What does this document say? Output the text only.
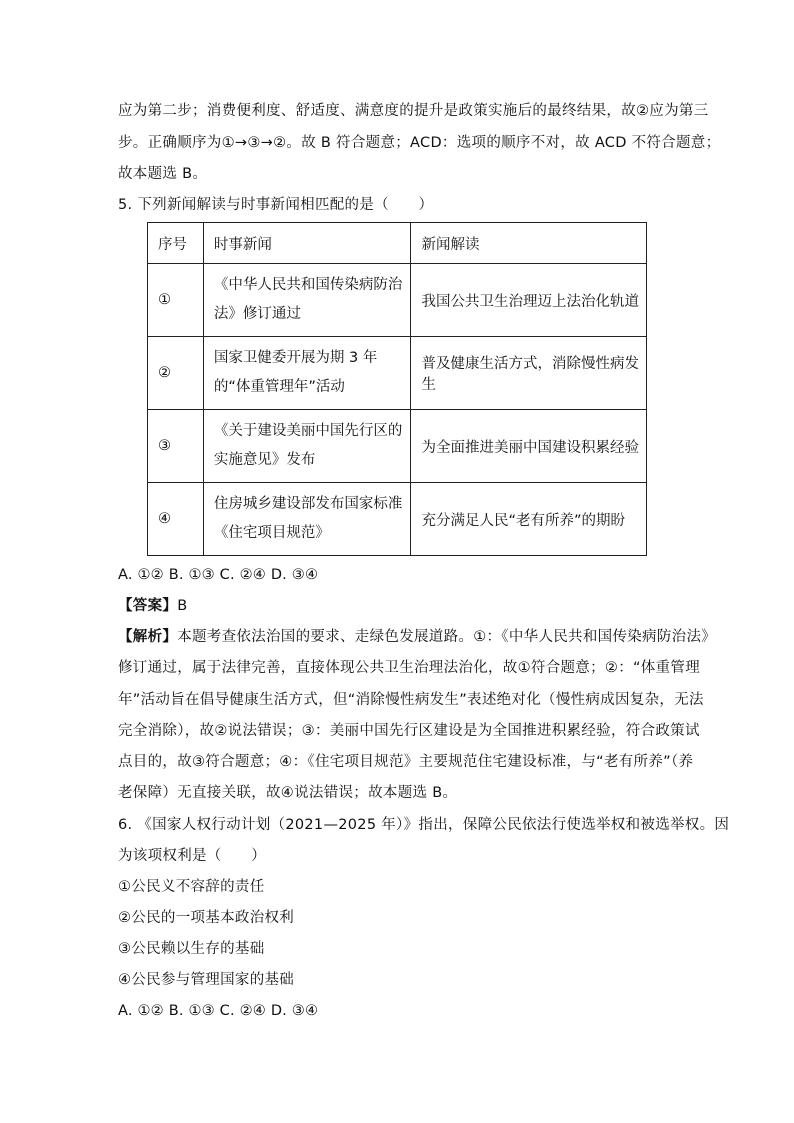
应为第二步；消费便利度、舒适度、满意度的提升是政策实施后的最终结果，故②应为第三
步。正确顺序为①→③→②。故 B 符合题意；ACD：选项的顺序不对，故 ACD 不符合题意；
故本题选 B。
5. 下列新闻解读与时事新闻相匹配的是（　　）
序号	时事新闻	新闻解读
①	《中华人民共和国传染病防治法》修订通过	我国公共卫生治理迈上法治化轨道
②	国家卫健委开展为期 3 年的“体重管理年”活动	普及健康生活方式，消除慢性病发生
③	《关于建设美丽中国先行区的实施意见》发布	为全面推进美丽中国建设积累经验
④	住房城乡建设部发布国家标准《住宅项目规范》	充分满足人民“老有所养”的期盼
A. ①② B. ①③ C. ②④ D. ③④
【答案】B
【解析】本题考查依法治国的要求、走绿色发展道路。①：《中华人民共和国传染病防治法》
修订通过，属于法律完善，直接体现公共卫生治理法治化，故①符合题意；②：“体重管理
年”活动旨在倡导健康生活方式，但“消除慢性病发生”表述绝对化（慢性病成因复杂，无法
完全消除），故②说法错误；③：美丽中国先行区建设是为全国推进积累经验，符合政策试
点目的，故③符合题意；④：《住宅项目规范》主要规范住宅建设标准，与“老有所养”（养
老保障）无直接关联，故④说法错误；故本题选 B。
6. 《国家人权行动计划（2021—2025 年）》指出，保障公民依法行使选举权和被选举权。因
为该项权利是（　　）
①公民义不容辞的责任
②公民的一项基本政治权利
③公民赖以生存的基础
④公民参与管理国家的基础
A. ①② B. ①③ C. ②④ D. ③④
